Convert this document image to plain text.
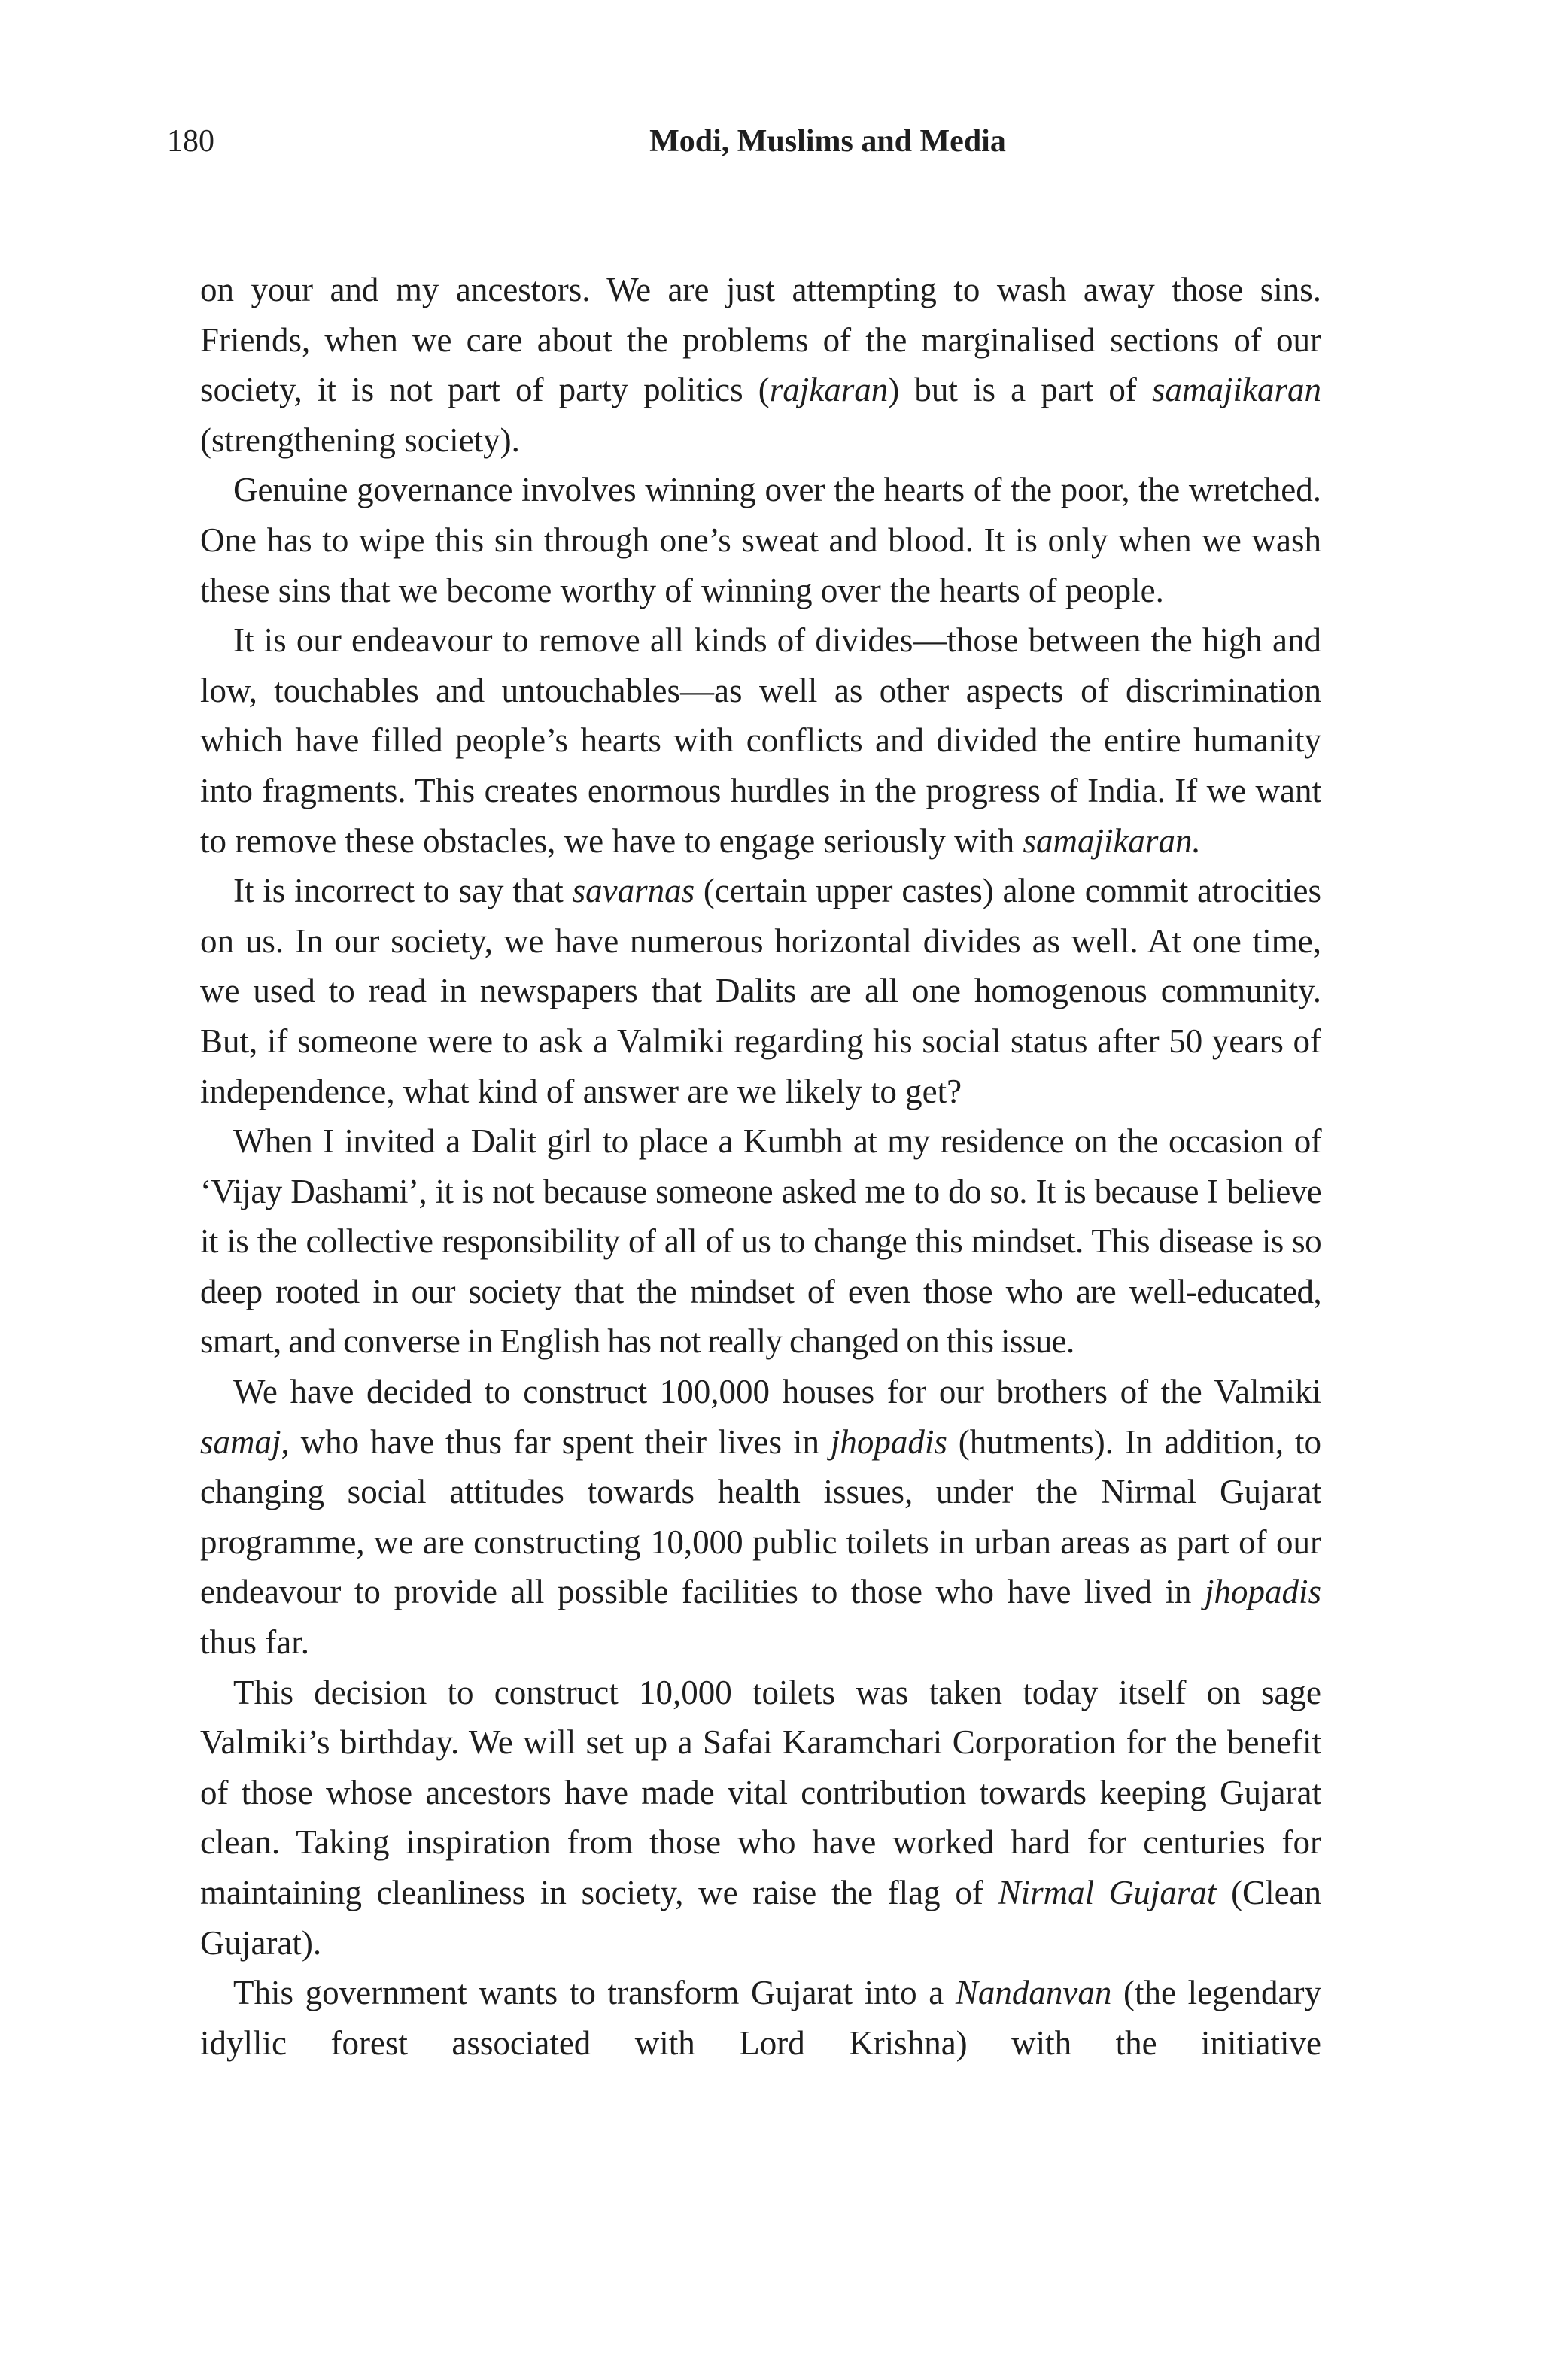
180	Modi, Muslims and Media

on your and my ancestors. We are just attempting to wash away those sins. Friends, when we care about the problems of the marginalised sections of our society, it is not part of party politics (rajkaran) but is a part of samajikaran (strengthening society).

Genuine governance involves winning over the hearts of the poor, the wretched. One has to wipe this sin through one’s sweat and blood. It is only when we wash these sins that we become worthy of winning over the hearts of people.

It is our endeavour to remove all kinds of divides—those between the high and low, touchables and untouchables—as well as other aspects of discrimination which have filled people’s hearts with conflicts and divided the entire humanity into fragments. This creates enormous hurdles in the progress of India. If we want to remove these obstacles, we have to engage seriously with samajikaran.

It is incorrect to say that savarnas (certain upper castes) alone commit atrocities on us. In our society, we have numerous horizontal divides as well. At one time, we used to read in newspapers that Dalits are all one homogenous community. But, if someone were to ask a Valmiki regarding his social status after 50 years of independence, what kind of answer are we likely to get?

When I invited a Dalit girl to place a Kumbh at my residence on the occasion of ‘Vijay Dashami’, it is not because someone asked me to do so. It is because I believe it is the collective responsibility of all of us to change this mindset. This disease is so deep rooted in our society that the mindset of even those who are well-educated, smart, and converse in English has not really changed on this issue.

We have decided to construct 100,000 houses for our brothers of the Valmiki samaj, who have thus far spent their lives in jhopadis (hutments). In addition, to changing social attitudes towards health issues, under the Nirmal Gujarat programme, we are constructing 10,000 public toilets in urban areas as part of our endeavour to provide all possible facilities to those who have lived in jhopadis thus far.

This decision to construct 10,000 toilets was taken today itself on sage Valmiki’s birthday. We will set up a Safai Karamchari Corporation for the benefit of those whose ancestors have made vital contribution towards keeping Gujarat clean. Taking inspiration from those who have worked hard for centuries for maintaining cleanliness in society, we raise the flag of Nirmal Gujarat (Clean Gujarat).

This government wants to transform Gujarat into a Nandanvan (the legendary idyllic forest associated with Lord Krishna) with the initiative
